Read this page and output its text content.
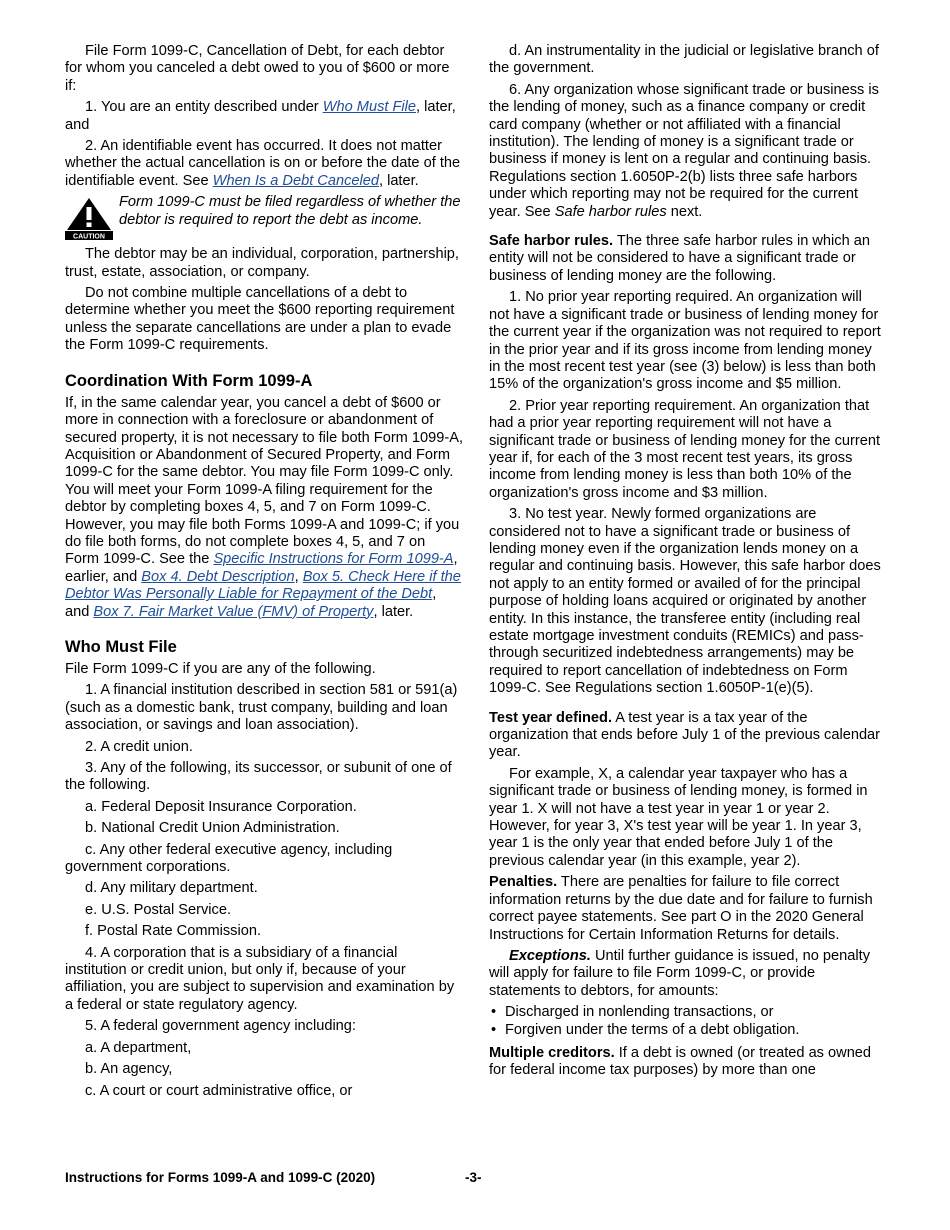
File Form 1099-C, Cancellation of Debt, for each debtor for whom you canceled a debt owed to you of $600 or more if:

1. You are an entity described under Who Must File, later, and

2. An identifiable event has occurred. It does not matter whether the actual cancellation is on or before the date of the identifiable event. See When Is a Debt Canceled, later.

CAUTION
Form 1099-C must be filed regardless of whether the debtor is required to report the debt as income.

The debtor may be an individual, corporation, partnership, trust, estate, association, or company.

Do not combine multiple cancellations of a debt to determine whether you meet the $600 reporting requirement unless the separate cancellations are under a plan to evade the Form 1099-C requirements.

Coordination With Form 1099-A

If, in the same calendar year, you cancel a debt of $600 or more in connection with a foreclosure or abandonment of secured property, it is not necessary to file both Form 1099-A, Acquisition or Abandonment of Secured Property, and Form 1099-C for the same debtor. You may file Form 1099-C only. You will meet your Form 1099-A filing requirement for the debtor by completing boxes 4, 5, and 7 on Form 1099-C. However, you may file both Forms 1099-A and 1099-C; if you do file both forms, do not complete boxes 4, 5, and 7 on Form 1099-C. See the Specific Instructions for Form 1099-A, earlier, and Box 4. Debt Description, Box 5. Check Here if the Debtor Was Personally Liable for Repayment of the Debt, and Box 7. Fair Market Value (FMV) of Property, later.

Who Must File

File Form 1099-C if you are any of the following.

1. A financial institution described in section 581 or 591(a) (such as a domestic bank, trust company, building and loan association, or savings and loan association).

2. A credit union.

3. Any of the following, its successor, or subunit of one of the following.

a. Federal Deposit Insurance Corporation.

b. National Credit Union Administration.

c. Any other federal executive agency, including government corporations.

d. Any military department.

e. U.S. Postal Service.

f. Postal Rate Commission.

4. A corporation that is a subsidiary of a financial institution or credit union, but only if, because of your affiliation, you are subject to supervision and examination by a federal or state regulatory agency.

5. A federal government agency including:

a. A department,

b. An agency,

c. A court or court administrative office, or

d. An instrumentality in the judicial or legislative branch of the government.

6. Any organization whose significant trade or business is the lending of money, such as a finance company or credit card company (whether or not affiliated with a financial institution). The lending of money is a significant trade or business if money is lent on a regular and continuing basis. Regulations section 1.6050P-2(b) lists three safe harbors under which reporting may not be required for the current year. See Safe harbor rules next.

Safe harbor rules. The three safe harbor rules in which an entity will not be considered to have a significant trade or business of lending money are the following.

1. No prior year reporting required. An organization will not have a significant trade or business of lending money for the current year if the organization was not required to report in the prior year and if its gross income from lending money in the most recent test year (see (3) below) is less than both 15% of the organization's gross income and $5 million.

2. Prior year reporting requirement. An organization that had a prior year reporting requirement will not have a significant trade or business of lending money for the current year if, for each of the 3 most recent test years, its gross income from lending money is less than both 10% of the organization's gross income and $3 million.

3. No test year. Newly formed organizations are considered not to have a significant trade or business of lending money even if the organization lends money on a regular and continuing basis. However, this safe harbor does not apply to an entity formed or availed of for the principal purpose of holding loans acquired or originated by another entity. In this instance, the transferee entity (including real estate mortgage investment conduits (REMICs) and pass-through securitized indebtedness arrangements) may be required to report cancellation of indebtedness on Form 1099-C. See Regulations section 1.6050P-1(e)(5).

Test year defined. A test year is a tax year of the organization that ends before July 1 of the previous calendar year.

For example, X, a calendar year taxpayer who has a significant trade or business of lending money, is formed in year 1. X will not have a test year in year 1 or year 2. However, for year 3, X's test year will be year 1. In year 3, year 1 is the only year that ended before July 1 of the previous calendar year (in this example, year 2).

Penalties. There are penalties for failure to file correct information returns by the due date and for failure to furnish correct payee statements. See part O in the 2020 General Instructions for Certain Information Returns for details.

Exceptions. Until further guidance is issued, no penalty will apply for failure to file Form 1099-C, or provide statements to debtors, for amounts:

• Discharged in nonlending transactions, or
• Forgiven under the terms of a debt obligation.

Multiple creditors. If a debt is owned (or treated as owned for federal income tax purposes) by more than one

Instructions for Forms 1099-A and 1099-C (2020)	-3-
